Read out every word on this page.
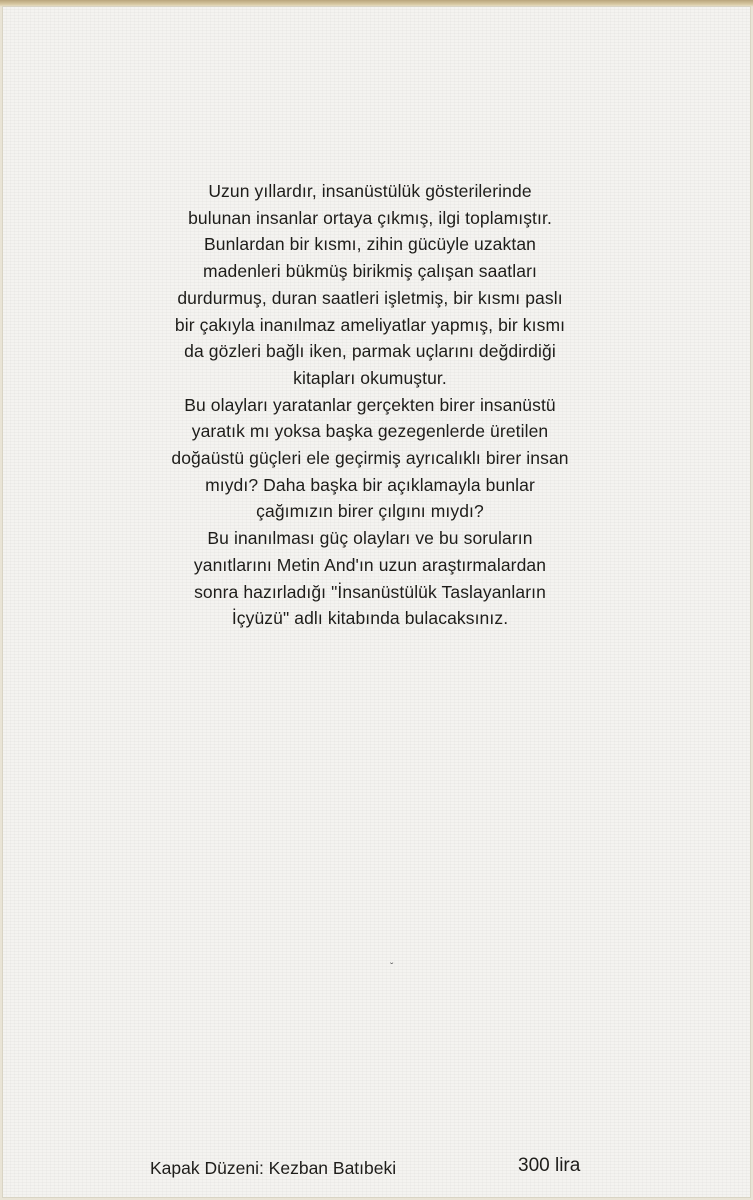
Uzun yıllardır, insanüstülük gösterilerinde
bulunan insanlar ortaya çıkmış, ilgi toplamıştır.
Bunlardan bir kısmı, zihin gücüyle uzaktan
madenleri bükmüş birikmiş çalışan saatları
durdurmuş, duran saatleri işletmiş, bir kısmı paslı
bir çakıyla inanılmaz ameliyatlar yapmış, bir kısmı
da gözleri bağlı iken, parmak uçlarını değdirdiği
kitapları okumuştur.
Bu olayları yaratanlar gerçekten birer insanüstü
yaratık mı yoksa başka gezegenlerde üretilen
doğaüstü güçleri ele geçirmiş ayrıcalıklı birer insan
mıydı? Daha başka bir açıklamayla bunlar
çağımızın birer çılgını mıydı?
Bu inanılması güç olayları ve bu soruların
yanıtlarını Metin And'ın uzun araştırmalardan
sonra hazırladığı "İnsanüstülük Taslayanların
İçyüzü" adlı kitabında bulacaksınız.
ˇ
Kapak Düzeni: Kezban Batıbeki	300 lira
